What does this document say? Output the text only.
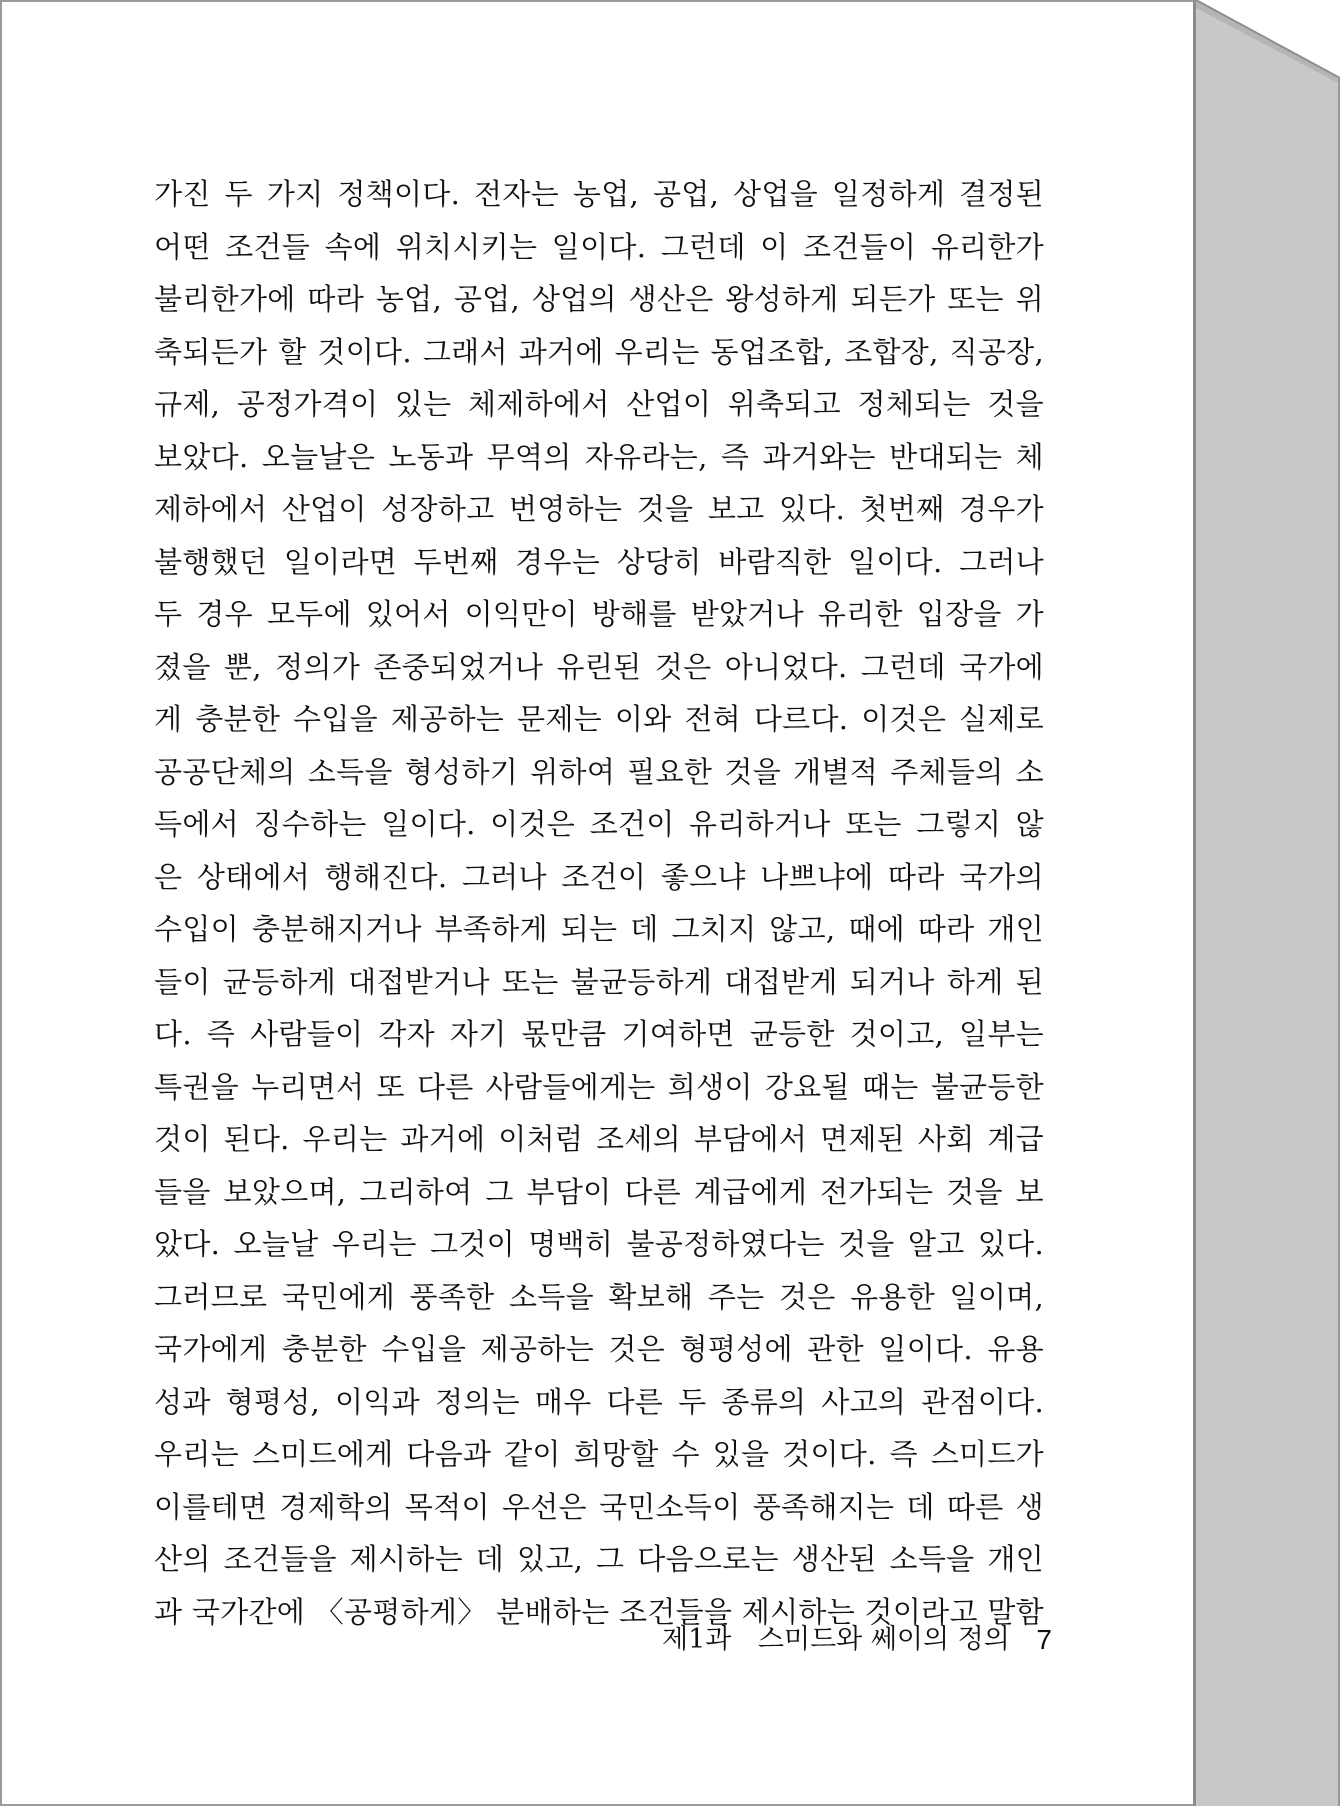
가진 두 가지 정책이다. 전자는 농업, 공업, 상업을 일정하게 결정된
어떤 조건들 속에 위치시키는 일이다. 그런데 이 조건들이 유리한가
불리한가에 따라 농업, 공업, 상업의 생산은 왕성하게 되든가 또는 위
축되든가 할 것이다. 그래서 과거에 우리는 동업조합, 조합장, 직공장,
규제, 공정가격이 있는 체제하에서 산업이 위축되고 정체되는 것을
보았다. 오늘날은 노동과 무역의 자유라는, 즉 과거와는 반대되는 체
제하에서 산업이 성장하고 번영하는 것을 보고 있다. 첫번째 경우가
불행했던 일이라면 두번째 경우는 상당히 바람직한 일이다. 그러나
두 경우 모두에 있어서 이익만이 방해를 받았거나 유리한 입장을 가
졌을 뿐, 정의가 존중되었거나 유린된 것은 아니었다. 그런데 국가에
게 충분한 수입을 제공하는 문제는 이와 전혀 다르다. 이것은 실제로
공공단체의 소득을 형성하기 위하여 필요한 것을 개별적 주체들의 소
득에서 징수하는 일이다. 이것은 조건이 유리하거나 또는 그렇지 않
은 상태에서 행해진다. 그러나 조건이 좋으냐 나쁘냐에 따라 국가의
수입이 충분해지거나 부족하게 되는 데 그치지 않고, 때에 따라 개인
들이 균등하게 대접받거나 또는 불균등하게 대접받게 되거나 하게 된
다. 즉 사람들이 각자 자기 몫만큼 기여하면 균등한 것이고, 일부는
특권을 누리면서 또 다른 사람들에게는 희생이 강요될 때는 불균등한
것이 된다. 우리는 과거에 이처럼 조세의 부담에서 면제된 사회 계급
들을 보았으며, 그리하여 그 부담이 다른 계급에게 전가되는 것을 보
았다. 오늘날 우리는 그것이 명백히 불공정하였다는 것을 알고 있다.
그러므로 국민에게 풍족한 소득을 확보해 주는 것은 유용한 일이며,
국가에게 충분한 수입을 제공하는 것은 형평성에 관한 일이다. 유용
성과 형평성, 이익과 정의는 매우 다른 두 종류의 사고의 관점이다.
우리는 스미드에게 다음과 같이 희망할 수 있을 것이다. 즉 스미드가
이를테면 경제학의 목적이 우선은 국민소득이 풍족해지는 데 따른 생
산의 조건들을 제시하는 데 있고, 그 다음으로는 생산된 소득을 개인
과 국가간에 〈공평하게〉 분배하는 조건들을 제시하는 것이라고 말함
제1과 스미드와 쎄이의 정의 7
